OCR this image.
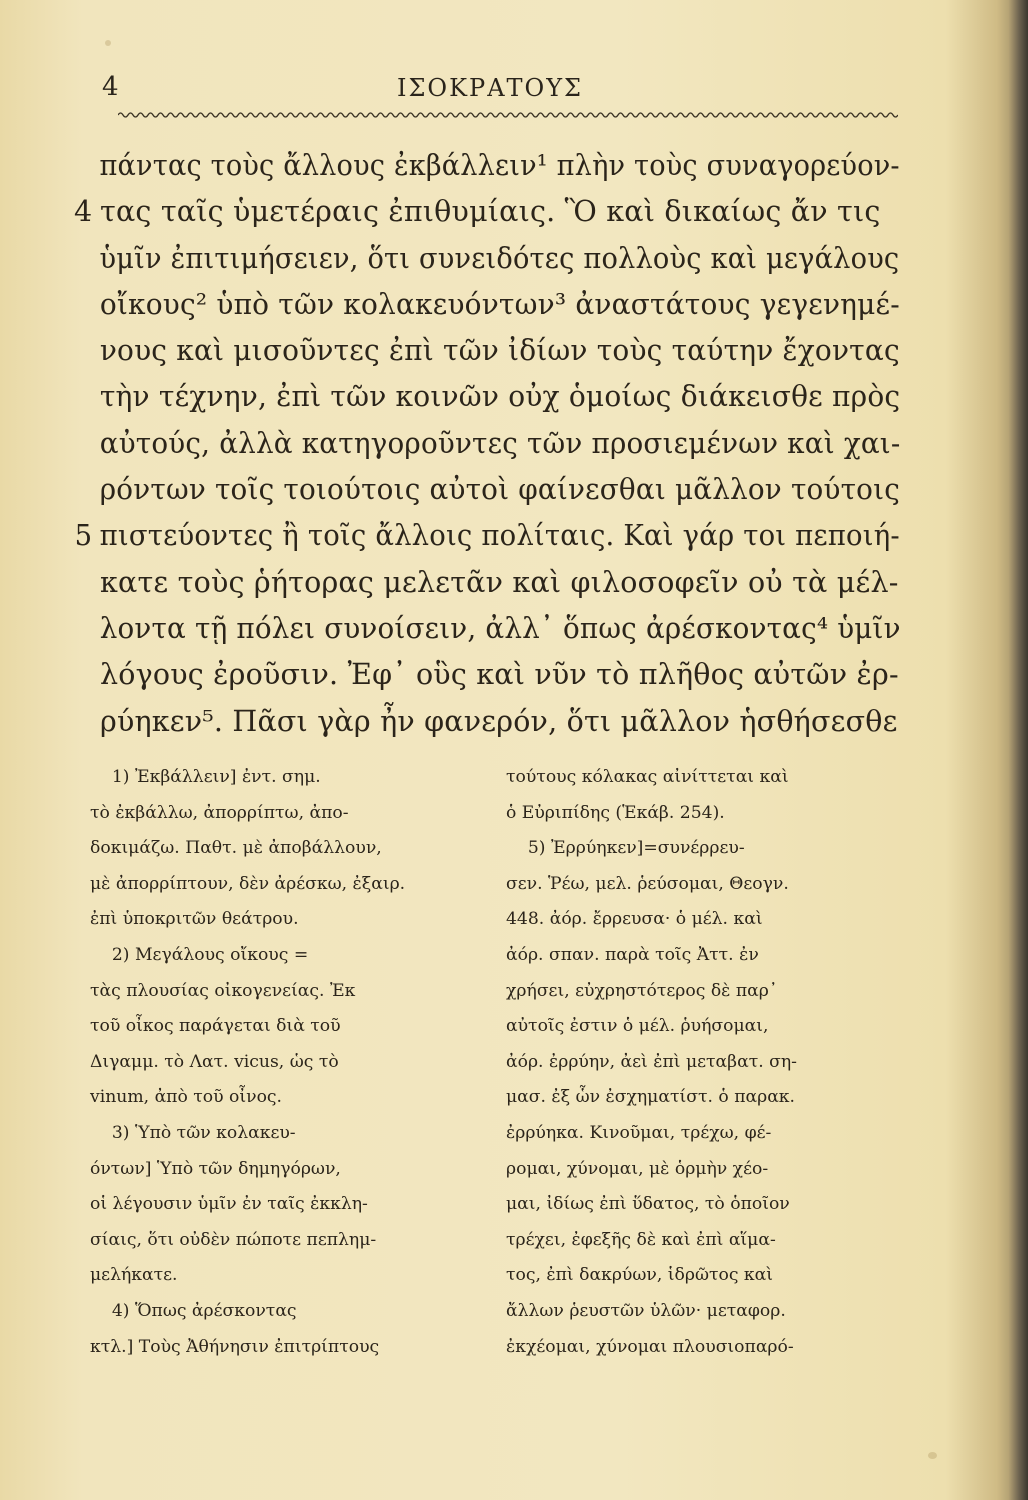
4	ΙΣΟΚΡΑΤΟΥΣ
πάντας τοὺς ἄλλους ἐκβάλλειν¹ πλὴν τοὺς συναγορεύον-
4 τας ταῖς ὑμετέραις ἐπιθυμίαις. Ὃ καὶ δικαίως ἄν τις
ὑμῖν ἐπιτιμήσειεν, ὅτι συνειδότες πολλοὺς καὶ μεγάλους
οἴκους² ὑπὸ τῶν κολακευόντων³ ἀναστάτους γεγενημέ-
νους καὶ μισοῦντες ἐπὶ τῶν ἰδίων τοὺς ταύτην ἔχοντας
τὴν τέχνην, ἐπὶ τῶν κοινῶν οὐχ ὁμοίως διάκεισθε πρὸς
αὐτούς, ἀλλὰ κατηγοροῦντες τῶν προσιεμένων καὶ χαι-
ρόντων τοῖς τοιούτοις αὐτοὶ φαίνεσθαι μᾶλλον τούτοις
5 πιστεύοντες ἢ τοῖς ἄλλοις πολίταις. Καὶ γάρ τοι πεποιή-
κατε τοὺς ῥήτορας μελετᾶν καὶ φιλοσοφεῖν οὐ τὰ μέλ-
λοντα τῇ πόλει συνοίσειν, ἀλλ᾽ ὅπως ἀρέσκοντας⁴ ὑμῖν
λόγους ἐροῦσιν. Ἐφ᾽ οὓς καὶ νῦν τὸ πλῆθος αὐτῶν ἐρ-
ρύηκεν⁵. Πᾶσι γὰρ ἦν φανερόν, ὅτι μᾶλλον ἡσθήσεσθε
1) Ἐκβάλλειν] ἐντ. σημ.
τὸ ἐκβάλλω, ἀπορρίπτω, ἀπο-
δοκιμάζω. Παθτ. μὲ ἀποβάλλουν,
μὲ ἀπορρίπτουν, δὲν ἀρέσκω, ἐξαιρ.
ἐπὶ ὑποκριτῶν θεάτρου.
2) Μεγάλους οἴκους =
τὰς πλουσίας οἰκογενείας. Ἐκ
τοῦ οἶκος παράγεται διὰ τοῦ
Διγαμμ. τὸ Λατ. vicus, ὡς τὸ
vinum, ἀπὸ τοῦ οἶνος.
3) Ὑπὸ τῶν κολακευ-
όντων] Ὑπὸ τῶν δημηγόρων,
οἱ λέγουσιν ὑμῖν ἐν ταῖς ἐκκλη-
σίαις, ὅτι οὐδὲν πώποτε πεπλημ-
μελήκατε.
4) Ὅπως ἀρέσκοντας
κτλ.] Τοὺς Ἀθήνησιν ἐπιτρίπτους
τούτους κόλακας αἰνίττεται καὶ
ὁ Εὐριπίδης (Ἑκάβ. 254).
5) Ἐρρύηκεν]=συνέρρευ-
σεν. Ῥέω, μελ. ῥεύσομαι, Θεογν.
448. ἀόρ. ἔρρευσα· ὁ μέλ. καὶ
ἀόρ. σπαν. παρὰ τοῖς Ἀττ. ἐν
χρήσει, εὐχρηστότερος δὲ παρ᾽
αὐτοῖς ἐστιν ὁ μέλ. ῥυήσομαι,
ἀόρ. ἐρρύην, ἀεὶ ἐπὶ μεταβατ. ση-
μασ. ἐξ ὧν ἐσχηματίστ. ὁ παρακ.
ἐρρύηκα. Κινοῦμαι, τρέχω, φέ-
ρομαι, χύνομαι, μὲ ὁρμὴν χέο-
μαι, ἰδίως ἐπὶ ὕδατος, τὸ ὁποῖον
τρέχει, ἐφεξῆς δὲ καὶ ἐπὶ αἵμα-
τος, ἐπὶ δακρύων, ἱδρῶτος καὶ
ἄλλων ῥευστῶν ὑλῶν· μεταφορ.
ἐκχέομαι, χύνομαι πλουσιοπαρό-
